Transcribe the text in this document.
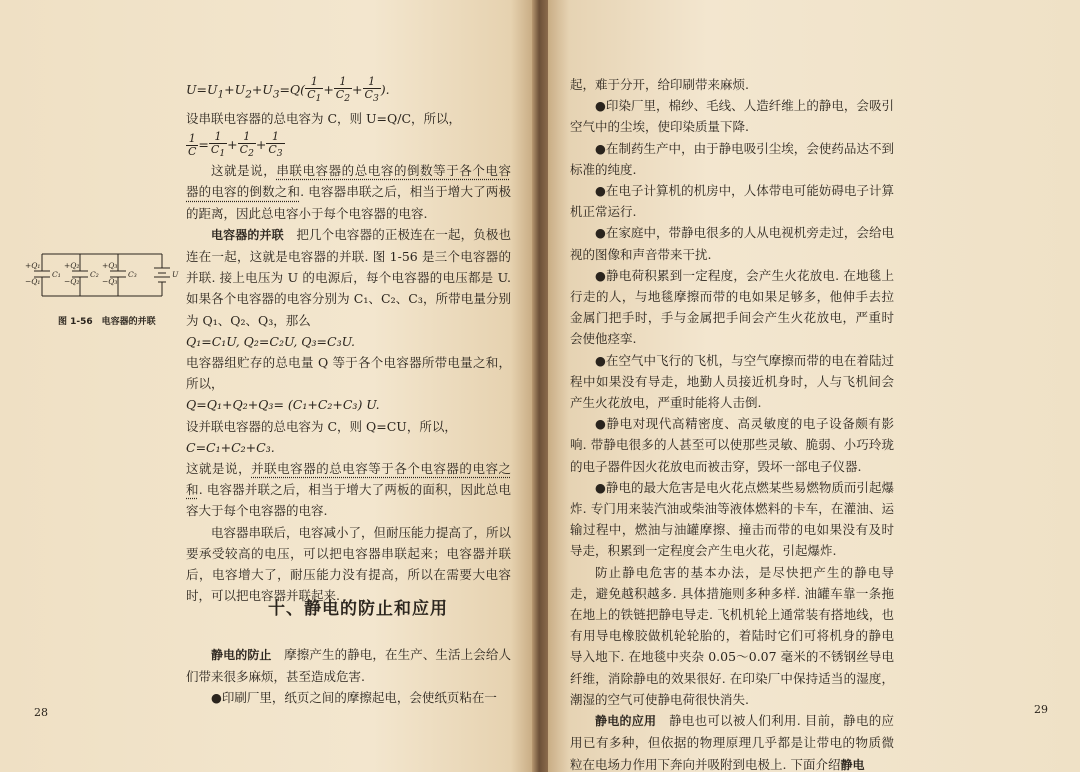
$U=U_1+U_2+U_3=Q( \frac{1}{C_1} + \frac{1}{C_2} + \frac{1}{C_3}$ ).

设串联电容器的总电容为 C，则 U=Q/C，所以，

$\frac{1}{C} = \frac{1}{C_1} + \frac{1}{C_2} + \frac{1}{C_3}$

这就是说，串联电容器的总电容的倒数等于各个电容器的电容的倒数之和. 电容器串联之后，相当于增大了两极的距离，因此总电容小于每个电容器的电容.

电容器的并联　 把几个电容器的正极连在一起，负极也连在一起，这就是电容器的并联. 图 1-56 是三个电容器的并联. 接上电压为 U 的电源后，每个电容器的电压都是 U. 如果各个电容器的电容分别为 C₁、C₂、C₃，所带电量分别为 Q₁、Q₂、Q₃，那么

Q₁=C₁U, Q₂=C₂U, Q₃=C₃U.

电容器组贮存的总电量 Q 等于各个电容器所带电量之和，所以，

Q=Q₁+Q₂+Q₃= (C₁+C₂+C₃) U.

设并联电容器的总电容为 C，则 Q=CU，所以，

C=C₁+C₂+C₃.

这就是说，并联电容器的总电容等于各个电容器的电容之和. 电容器并联之后，相当于增大了两板的面积，因此总电容大于每个电容器的电容.

电容器串联后，电容减小了，但耐压能力提高了，所以要承受较高的电压，可以把电容器串联起来；电容器并联后，电容增大了，耐压能力没有提高，所以在需要大电容时，可以把电容器并联起来.

+Q₁
−Q₁
C₁
+Q₂
−Q₂
C₂
+Q₃
−Q₃
C₃	U
图 1-56　电容器的并联
十、静电的防止和应用

静电的防止　 摩擦产生的静电，在生产、生活上会给人们带来很多麻烦，甚至造成危害.

●印刷厂里，纸页之间的摩擦起电，会使纸页粘在一

28

起，难于分开，给印刷带来麻烦.

●印染厂里，棉纱、毛线、人造纤维上的静电，会吸引空气中的尘埃，使印染质量下降.

●在制药生产中，由于静电吸引尘埃，会使药品达不到标准的纯度.

●在电子计算机的机房中，人体带电可能妨碍电子计算机正常运行.

●在家庭中，带静电很多的人从电视机旁走过，会给电视的图像和声音带来干扰.

●静电荷积累到一定程度，会产生火花放电. 在地毯上行走的人，与地毯摩擦而带的电如果足够多，他伸手去拉金属门把手时，手与金属把手间会产生火花放电，严重时会使他痉挛.

●在空气中飞行的飞机，与空气摩擦而带的电在着陆过程中如果没有导走，地勤人员接近机身时，人与飞机间会产生火花放电，严重时能将人击倒.

●静电对现代高精密度、高灵敏度的电子设备颇有影响. 带静电很多的人甚至可以使那些灵敏、脆弱、小巧玲珑的电子器件因火花放电而被击穿，毁坏一部电子仪器.

●静电的最大危害是电火花点燃某些易燃物质而引起爆炸. 专门用来装汽油或柴油等液体燃料的卡车，在灌油、运输过程中，燃油与油罐摩擦、撞击而带的电如果没有及时导走，积累到一定程度会产生电火花，引起爆炸.

防止静电危害的基本办法，是尽快把产生的静电导走，避免越积越多. 具体措施则多种多样. 油罐车靠一条拖在地上的铁链把静电导走. 飞机机轮上通常装有搭地线，也有用导电橡胶做机轮轮胎的，着陆时它们可将机身的静电导入地下. 在地毯中夹杂 0.05～0.07 毫米的不锈钢丝导电纤维，消除静电的效果很好. 在印染厂中保持适当的湿度，潮湿的空气可使静电荷很快消失.

静电的应用　 静电也可以被人们利用. 目前，静电的应用已有多种，但依据的物理原理几乎都是让带电的物质微粒在电场力作用下奔向并吸附到电极上. 下面介绍静电

29
